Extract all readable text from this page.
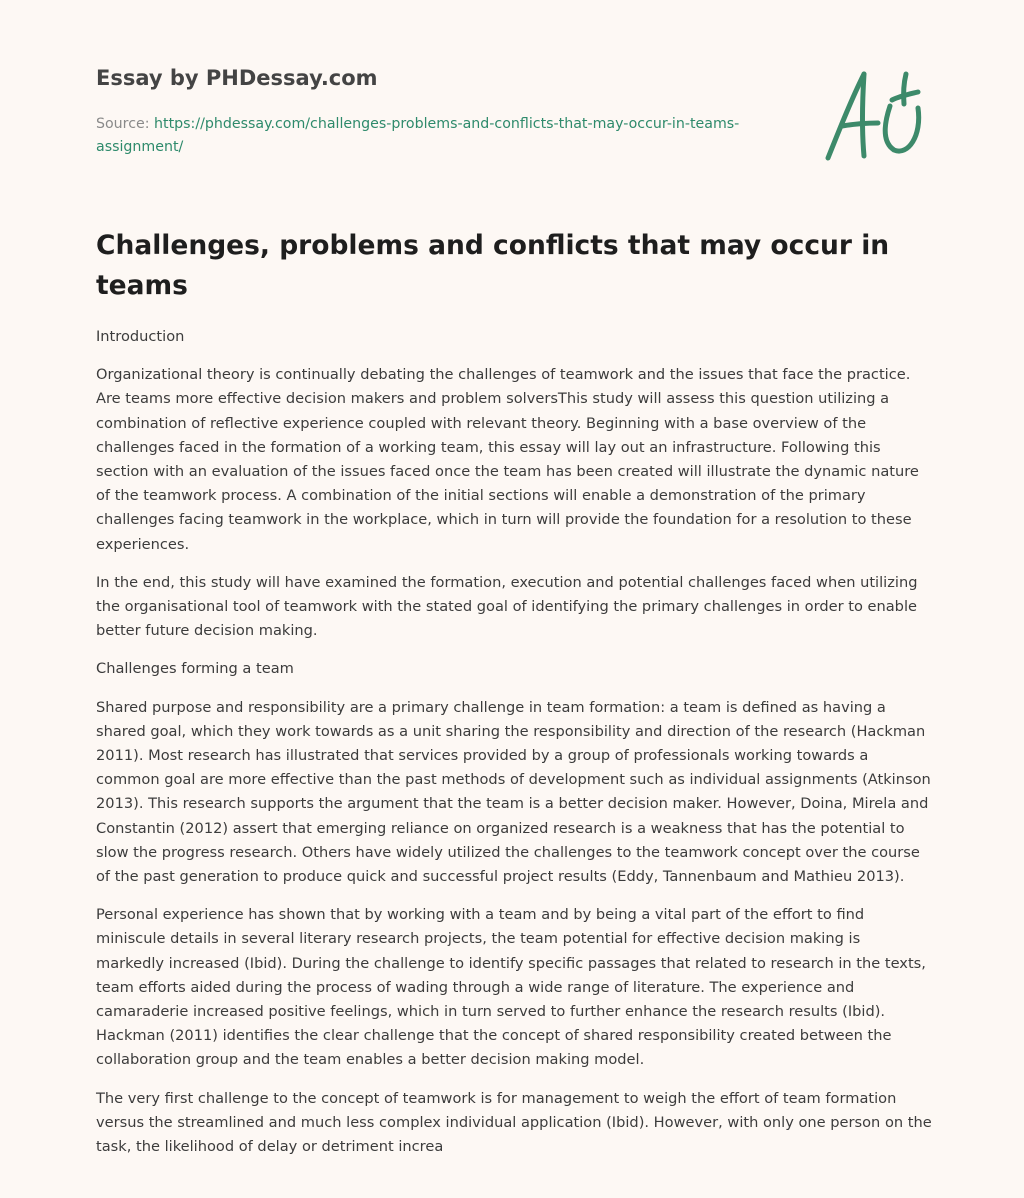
Essay by PHDessay.com
Source: https://phdessay.com/challenges-problems-and-conflicts-that-may-occur-in-teams-assignment/
Challenges, problems and conflicts that may occur in teams

Introduction

Organizational theory is continually debating the challenges of teamwork and the issues that face the practice. Are teams more effective decision makers and problem solversThis study will assess this question utilizing a combination of reflective experience coupled with relevant theory. Beginning with a base overview of the challenges faced in the formation of a working team, this essay will lay out an infrastructure. Following this section with an evaluation of the issues faced once the team has been created will illustrate the dynamic nature of the teamwork process. A combination of the initial sections will enable a demonstration of the primary challenges facing teamwork in the workplace, which in turn will provide the foundation for a resolution to these experiences.

In the end, this study will have examined the formation, execution and potential challenges faced when utilizing the organisational tool of teamwork with the stated goal of identifying the primary challenges in order to enable better future decision making.

Challenges forming a team

Shared purpose and responsibility are a primary challenge in team formation: a team is defined as having a shared goal, which they work towards as a unit sharing the responsibility and direction of the research (Hackman 2011). Most research has illustrated that services provided by a group of professionals working towards a common goal are more effective than the past methods of development such as individual assignments (Atkinson 2013). This research supports the argument that the team is a better decision maker. However, Doina, Mirela and Constantin (2012) assert that emerging reliance on organized research is a weakness that has the potential to slow the progress research. Others have widely utilized the challenges to the teamwork concept over the course of the past generation to produce quick and successful project results (Eddy, Tannenbaum and Mathieu 2013).

Personal experience has shown that by working with a team and by being a vital part of the effort to find miniscule details in several literary research projects, the team potential for effective decision making is markedly increased (Ibid). During the challenge to identify specific passages that related to research in the texts, team efforts aided during the process of wading through a wide range of literature. The experience and camaraderie increased positive feelings, which in turn served to further enhance the research results (Ibid). Hackman (2011) identifies the clear challenge that the concept of shared responsibility created between the collaboration group and the team enables a better decision making model.

The very first challenge to the concept of teamwork is for management to weigh the effort of team formation versus the streamlined and much less complex individual application (Ibid). However, with only one person on the task, the likelihood of delay or detriment increa
